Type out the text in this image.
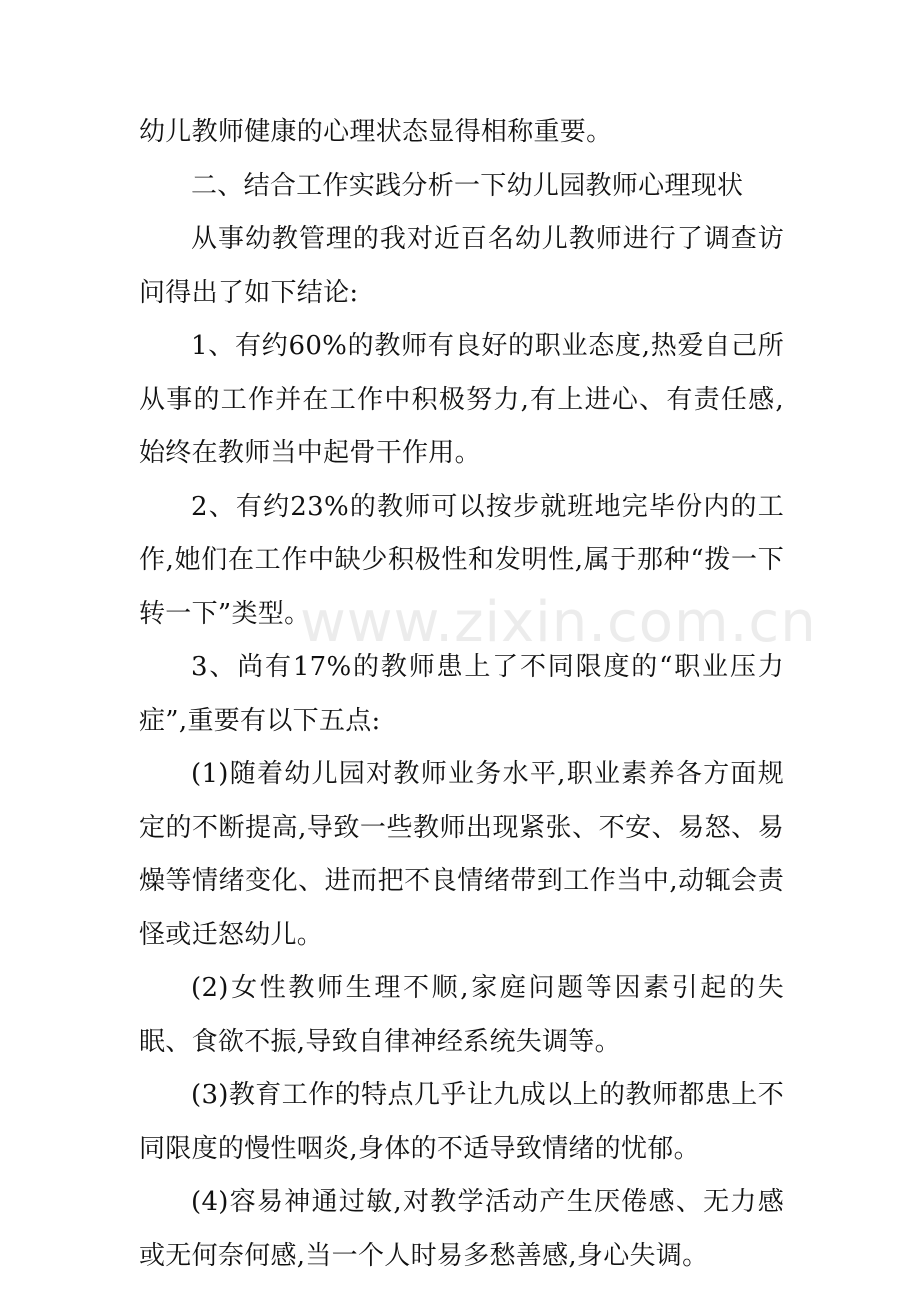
幼儿教师健康的心理状态显得相称重要。

二、结合工作实践分析一下幼儿园教师心理现状

从事幼教管理的我对近百名幼儿教师进行了调查访问得出了如下结论:

1、有约60%的教师有良好的职业态度,热爱自己所从事的工作并在工作中积极努力,有上进心、有责任感,始终在教师当中起骨干作用。

2、有约23%的教师可以按步就班地完毕份内的工作,她们在工作中缺少积极性和发明性,属于那种“拨一下转一下”类型。

3、尚有17%的教师患上了不同限度的“职业压力症”,重要有以下五点:

(1)随着幼儿园对教师业务水平,职业素养各方面规定的不断提高,导致一些教师出现紧张、不安、易怒、易燥等情绪变化、进而把不良情绪带到工作当中,动辄会责怪或迁怒幼儿。

(2)女性教师生理不顺,家庭问题等因素引起的失眠、食欲不振,导致自律神经系统失调等。

(3)教育工作的特点几乎让九成以上的教师都患上不同限度的慢性咽炎,身体的不适导致情绪的忧郁。

(4)容易神通过敏,对教学活动产生厌倦感、无力感或无何奈何感,当一个人时易多愁善感,身心失调。

www.zixin.com.cn
